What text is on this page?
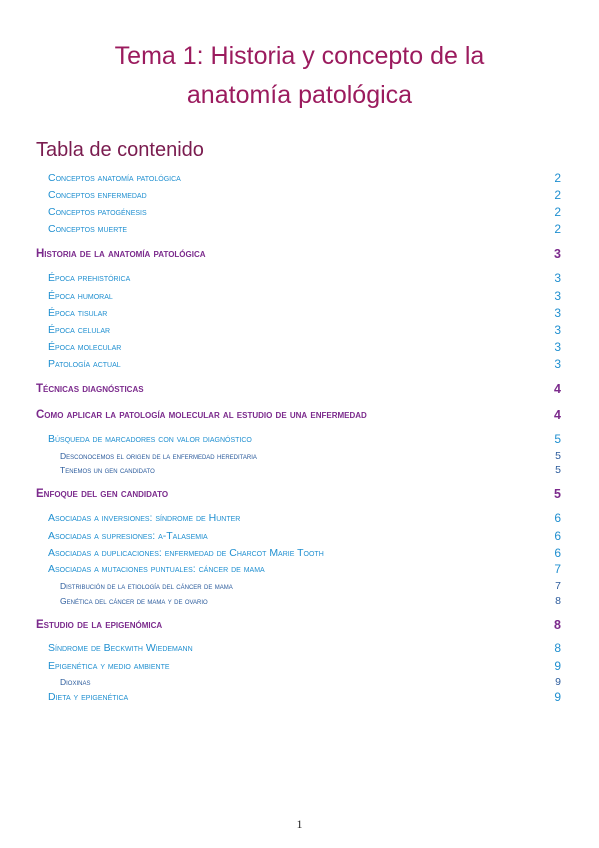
Tema 1: Historia y concepto de la
anatomía patológica
Tabla de contenido
Conceptos anatomía patológica	2
Conceptos enfermedad	2
Conceptos patogénesis	2
Conceptos muerte	2
Historia de la anatomía patológica	3
Época prehistórica	3
Época humoral	3
Época tisular	3
Época celular	3
Época molecular	3
Patología actual	3
Técnicas diagnósticas	4
Como aplicar la patología molecular al estudio de una enfermedad	4
Búsqueda de marcadores con valor diagnóstico	5
Desconocemos el origen de la enfermedad hereditaria	5
Tenemos un gen candidato	5
Enfoque del gen candidato	5
Asociadas a inversiones: síndrome de Hunter	6
Asociadas a supresiones: α-Talasemia	6
Asociadas a duplicaciones: enfermedad de Charcot Marie Tooth	6
Asociadas a mutaciones puntuales: cáncer de mama	7
Distribución de la etiología del cáncer de mama	7
Genética del cáncer de mama y de ovario	8
Estudio de la epigenómica	8
Síndrome de Beckwith Wiedemann	8
Epigenética y medio ambiente	9
Dioxinas	9
Dieta y epigenética	9
1
